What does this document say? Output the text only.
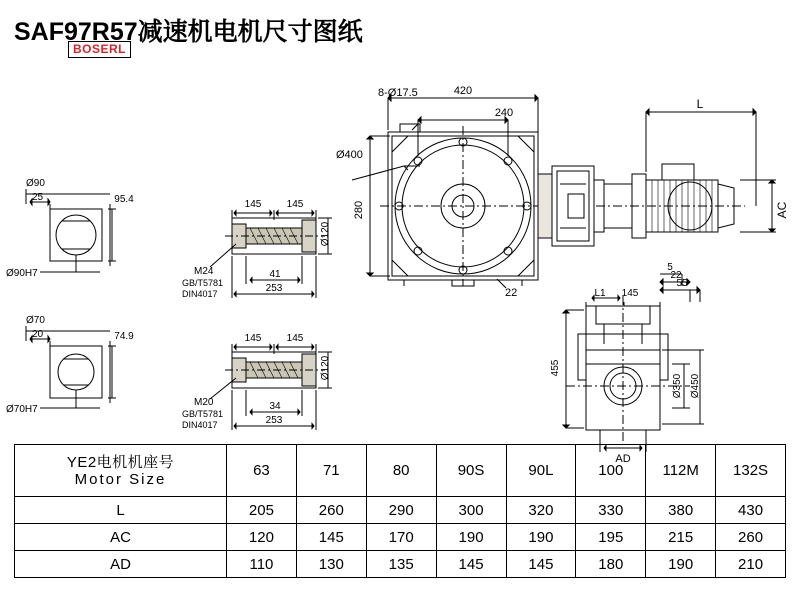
SAF97R57减速机电机尺寸图纸
BOSERL
420
240
8-Ø17.5
Ø400
280
22
L
AC
Ø90
25	95.4
Ø90H7
Ø70
20	74.9
Ø70H7
145	145
Ø120
M24
GB/T5781
DIN4017
41
253
145	145
Ø120
M20
GB/T5781
DIN4017
34
253
L1 145
55
22
5
455
Ø350 Ø450
AD
YE2电机机座号
Motor Size	63	71	80	90S	90L	100	112M	132S
L	205	260	290	300	320	330	380	430
AC	120	145	170	190	190	195	215	260
AD	110	130	135	145	145	180	190	210
